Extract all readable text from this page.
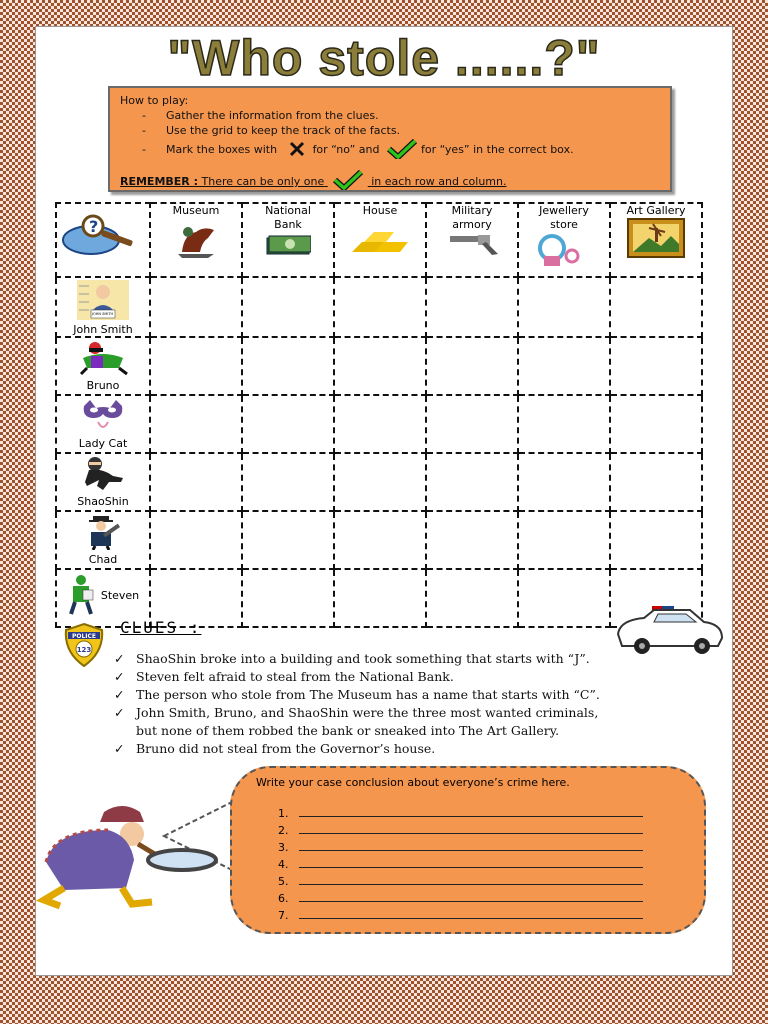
"Who stole ......?"
How to play:
- Gather the information from the clues.
- Use the grid to keep the track of the facts.
- Mark the boxes with	for “no” and	for “yes” in the correct box.
REMEMBER : There can be only one	in each row and column.
?	Museum	National Bank	House	Military armory	Jewellery store	Art Gallery

JOHN SMITH
John Smith						

Bruno						

Lady Cat						

ShaoShin						

Chad						

Steven						

POLICE
123
CLUES :
✓ ShaoShin broke into a building and took something that starts with “J”.
✓ Steven felt afraid to steal from the National Bank.
✓ The person who stole from The Museum has a name that starts with “C”.
✓ John Smith, Bruno, and ShaoShin were the three most wanted criminals,
but none of them robbed the bank or sneaked into The Art Gallery.
✓ Bruno did not steal from the Governor’s house.
Write your case conclusion about everyone’s crime here.
1.
2.
3.
4.
5.
6.
7.
